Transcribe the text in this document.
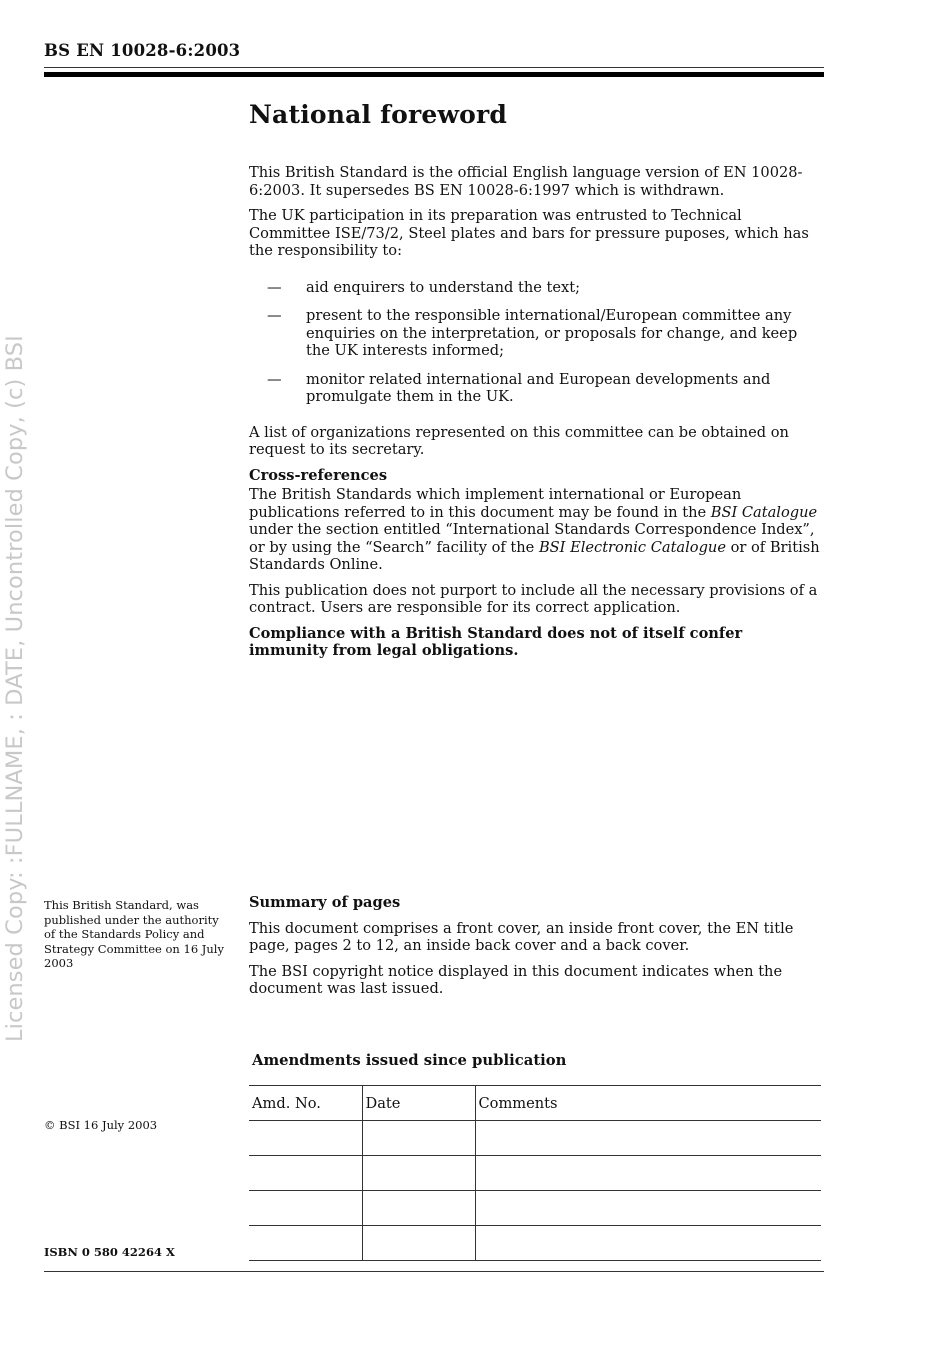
Licensed Copy: :FULLNAME, : DATE, Uncontrolled Copy, (c) BSI
BS EN 10028-6:2003
National foreword

This British Standard is the official English language version of EN 10028-6:2003. It supersedes BS EN 10028-6:1997 which is withdrawn.

The UK participation in its preparation was entrusted to Technical Committee ISE/73/2, Steel plates and bars for pressure puposes, which has the responsibility to:

— aid enquirers to understand the text;
— present to the responsible international/European committee any enquiries on the interpretation, or proposals for change, and keep the UK interests informed;
— monitor related international and European developments and promulgate them in the UK.

A list of organizations represented on this committee can be obtained on request to its secretary.

Cross-references

The British Standards which implement international or European publications referred to in this document may be found in the BSI Catalogue under the section entitled “International Standards Correspondence Index”, or by using the “Search” facility of the BSI Electronic Catalogue or of British Standards Online.

This publication does not purport to include all the necessary provisions of a contract. Users are responsible for its correct application.

Compliance with a British Standard does not of itself confer immunity from legal obligations.

This British Standard, was published under the authority of the Standards Policy and Strategy Committee on 16 July 2003
Summary of pages

This document comprises a front cover, an inside front cover, the EN title page, pages 2 to 12, an inside back cover and a back cover.

The BSI copyright notice displayed in this document indicates when the document was last issued.

Amendments issued since publication
Amd. No.	Date	Comments

© BSI 16 July 2003
ISBN 0 580 42264 X
